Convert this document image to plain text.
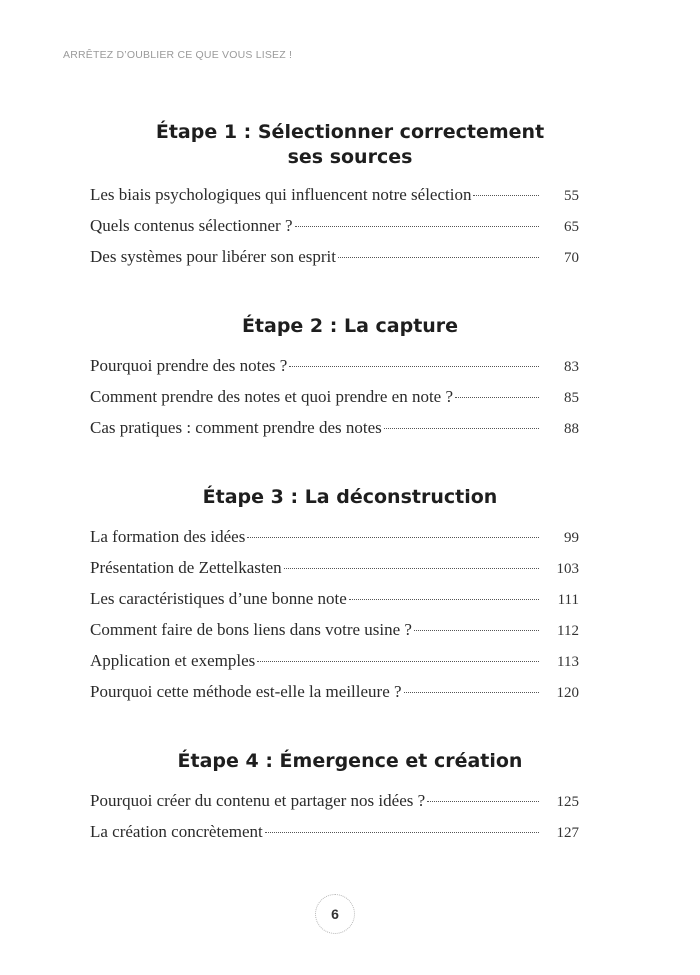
ARRÊTEZ D’OUBLIER CE QUE VOUS LISEZ !
Étape 1 : Sélectionner correctement
ses sources
Les biais psychologiques qui influencent notre sélection	55
Quels contenus sélectionner ?	65
Des systèmes pour libérer son esprit	70
Étape 2 : La capture
Pourquoi prendre des notes ?	83
Comment prendre des notes et quoi prendre en note ?	85
Cas pratiques : comment prendre des notes	88
Étape 3 : La déconstruction
La formation des idées	99
Présentation de Zettelkasten	103
Les caractéristiques d’une bonne note	111
Comment faire de bons liens dans votre usine ?	112
Application et exemples	113
Pourquoi cette méthode est-elle la meilleure ?	120
Étape 4 : Émergence et création
Pourquoi créer du contenu et partager nos idées ?	125
La création concrètement	127
6
